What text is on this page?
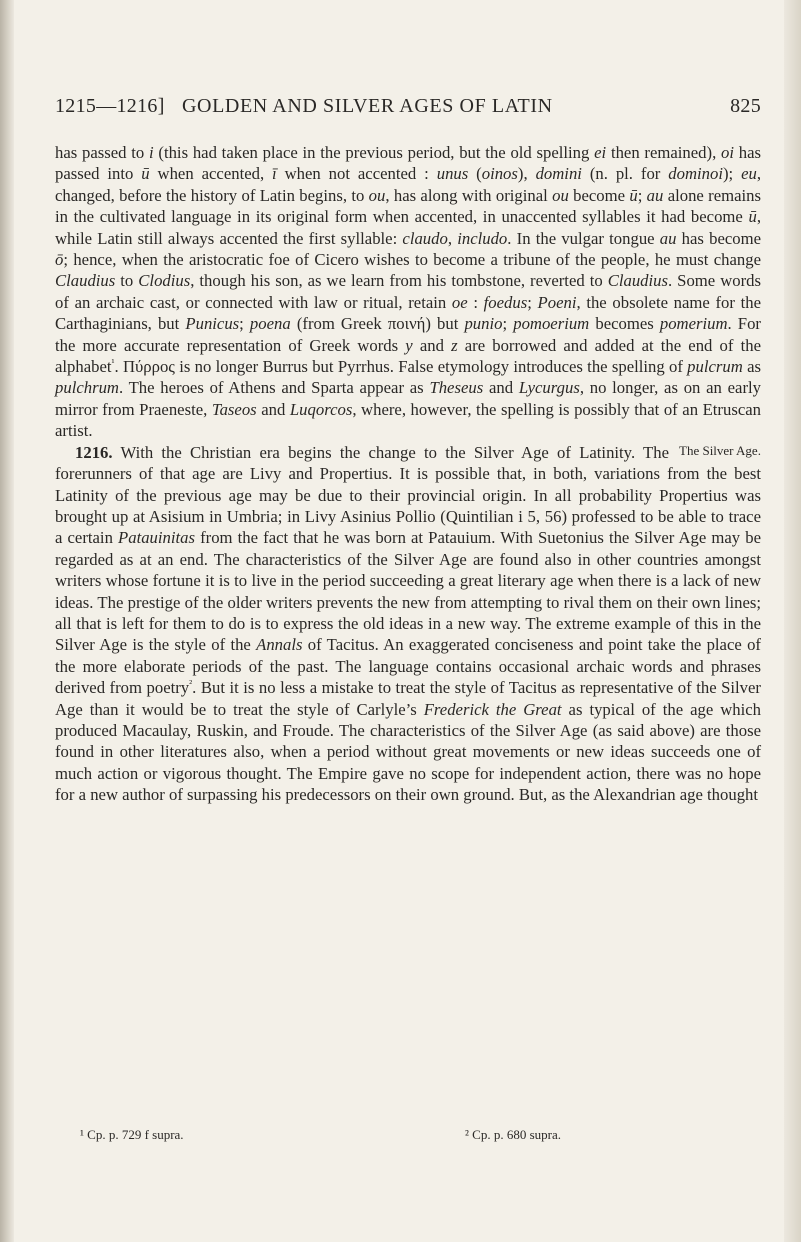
1215—1216] GOLDEN AND SILVER AGES OF LATIN	825

has passed to i (this had taken place in the previous period, but the old spelling ei then remained), oi has passed into ū when accented, ī when not accented : unus (oinos), domini (n. pl. for dominoi); eu, changed, before the history of Latin begins, to ou, has along with original ou become ū; au alone remains in the cultivated language in its original form when accented, in unaccented syllables it had become ū, while Latin still always accented the first syllable: claudo, includo. In the vulgar tongue au has become ō; hence, when the aristocratic foe of Cicero wishes to become a tribune of the people, he must change Claudius to Clodius, though his son, as we learn from his tombstone, reverted to Claudius. Some words of an archaic cast, or connected with law or ritual, retain oe : foedus; Poeni, the obsolete name for the Carthaginians, but Punicus; poena (from Greek ποινή) but punio; pomoerium becomes pomerium. For the more accurate representation of Greek words y and z are borrowed and added at the end of the alphabet$^{^1}$. Πύρρος is no longer Burrus but Pyrrhus. False etymology introduces the spelling of pulcrum as pulchrum. The heroes of Athens and Sparta appear as Theseus and Lycurgus, no longer, as on an early mirror from Praeneste, Taseos and Luqorcos, where, however, the spelling is possibly that of an Etruscan artist.

1216.	The Silver Age.
With the Christian era begins the change to the Silver Age of Latinity. The forerunners of that age are Livy and Propertius. It is possible that, in both, variations from the best Latinity of the previous age may be due to their provincial origin. In all probability Propertius was brought up at Asisium in Umbria; in Livy Asinius Pollio (Quintilian i 5, 56) professed to be able to trace a certain Patauinitas from the fact that he was born at Patauium. With Suetonius the Silver Age may be regarded as at an end. The characteristics of the Silver Age are found also in other countries amongst writers whose fortune it is to live in the period succeeding a great literary age when there is a lack of new ideas. The prestige of the older writers prevents the new from attempting to rival them on their own lines; all that is left for them to do is to express the old ideas in a new way. The extreme example of this in the Silver Age is the style of the Annals of Tacitus. An exaggerated conciseness and point take the place of the more elaborate periods of the past. The language contains occasional archaic words and phrases derived from poetry$^{^2}$. But it is no less a mistake to treat the style of Tacitus as representative of the Silver Age than it would be to treat the style of Carlyle’s Frederick the Great as typical of the age which produced Macaulay, Ruskin, and Froude. The characteristics of the Silver Age (as said above) are those found in other literatures also, when a period without great movements or new ideas succeeds one of much action or vigorous thought. The Empire gave no scope for independent action, there was no hope for a new author of surpassing his predecessors on their own ground. But, as the Alexandrian age thought

¹ Cp. p. 729 f supra.	² Cp. p. 680 supra.
